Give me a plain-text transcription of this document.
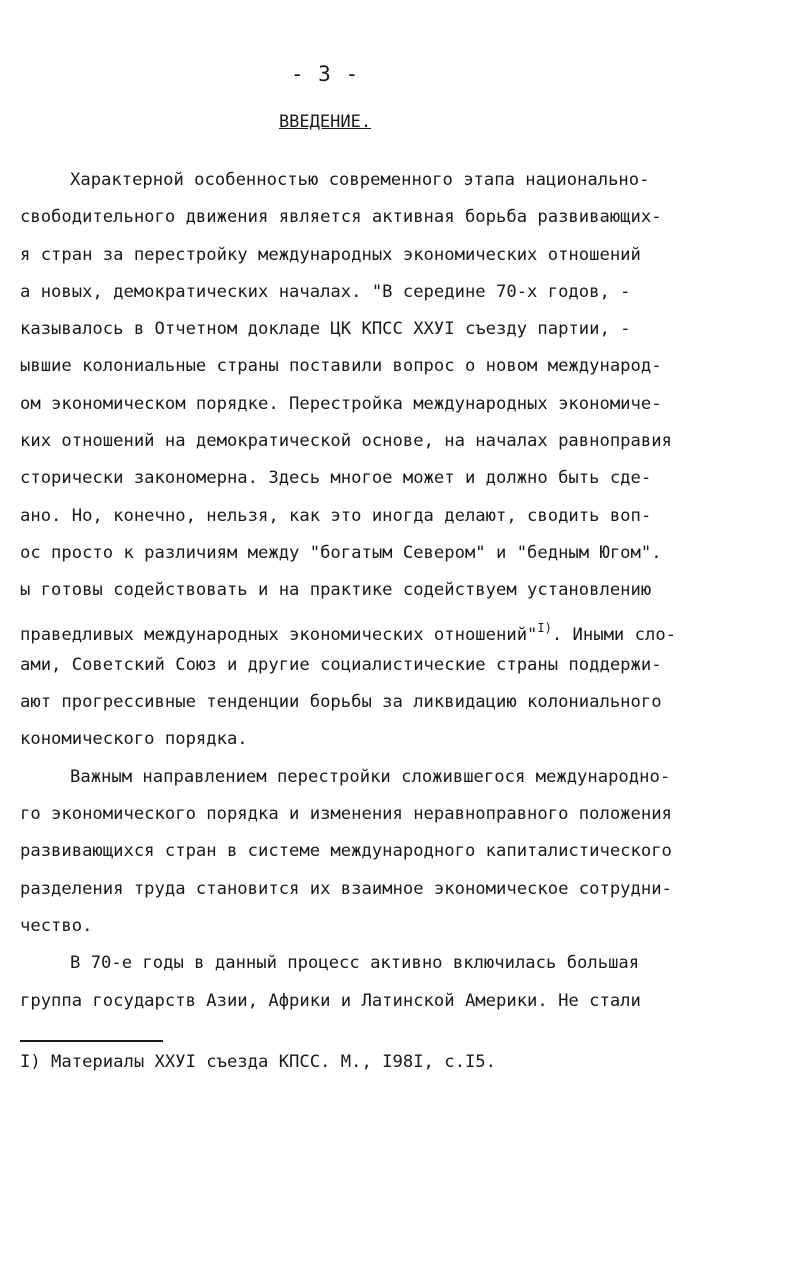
- 3 -
ВВЕДЕНИЕ.
Характерной особенностью современного этапа национально-
свободительного движения является активная борьба развивающих-
я стран за перестройку международных экономических отношений
а новых, демократических началах. "В середине 70-х годов, -
казывалось в Отчетном докладе ЦК КПСС ХХУI съезду партии, -
ывшие колониальные страны поставили вопрос о новом международ-
ом экономическом порядке. Перестройка международных экономиче-
ких отношений на демократической основе, на началах равноправия
сторически закономерна. Здесь многое может и должно быть сде-
ано. Но, конечно, нельзя, как это иногда делают, сводить воп-
ос просто к различиям между "богатым Севером" и "бедным Югом".
ы готовы содействовать и на практике содействуем установлению
праведливых международных экономических отношений"$^{I)}$. Иными сло-
ами, Советский Союз и другие социалистические страны поддержи-
ают прогрессивные тенденции борьбы за ликвидацию колониального
кономического порядка.
Важным направлением перестройки сложившегося международно-
го экономического порядка и изменения неравноправного положения
развивающихся стран в системе международного капиталистического
разделения труда становится их взаимное экономическое сотрудни-
чество.
В 70-е годы в данный процесс активно включилась большая
группа государств Азии, Африки и Латинской Америки. Не стали
I) Материалы ХХУI съезда КПСС. М., I98I, с.I5.
